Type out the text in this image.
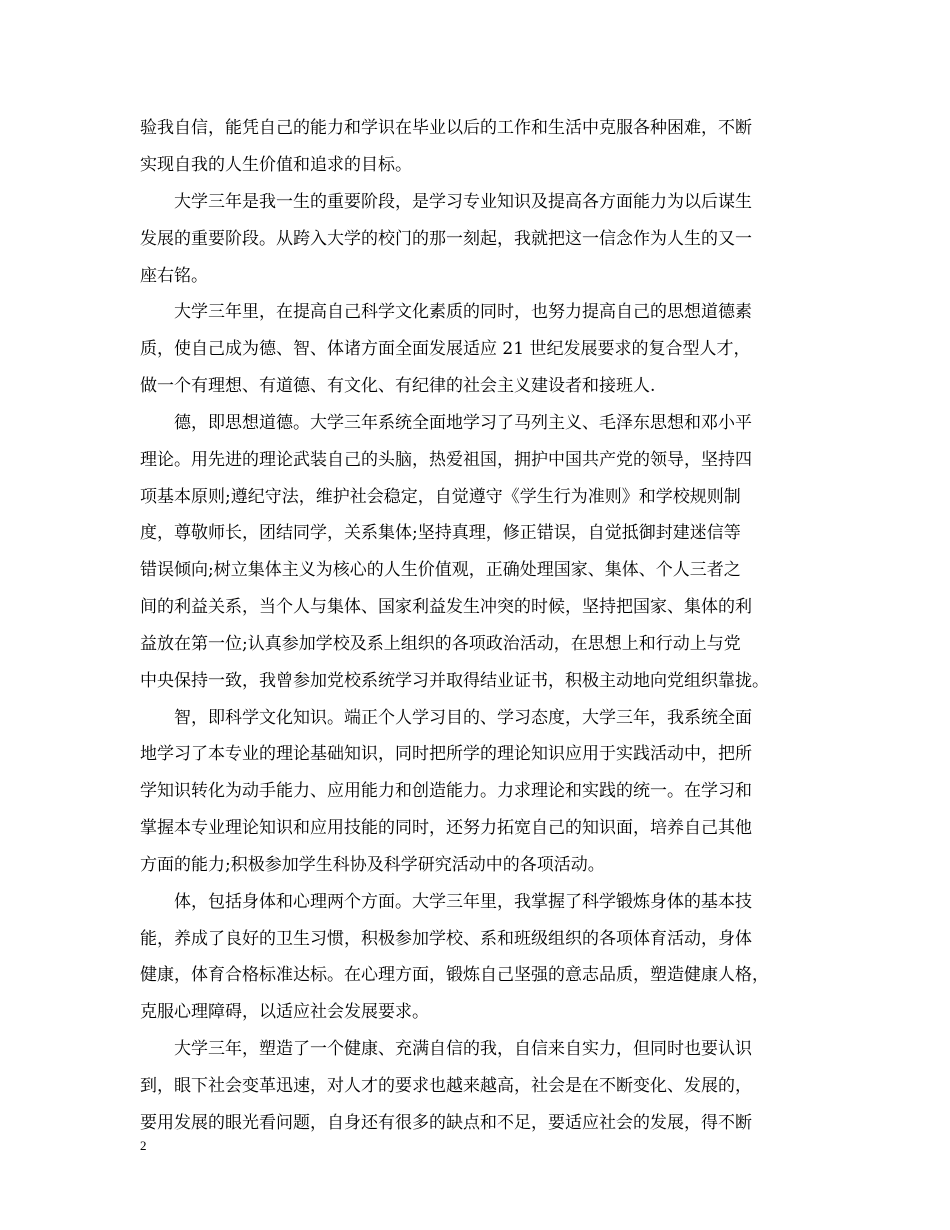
验我自信，能凭自己的能力和学识在毕业以后的工作和生活中克服各种困难，不断
实现自我的人生价值和追求的目标。
　　大学三年是我一生的重要阶段，是学习专业知识及提高各方面能力为以后谋生
发展的重要阶段。从跨入大学的校门的那一刻起，我就把这一信念作为人生的又一
座右铭。
　　大学三年里，在提高自己科学文化素质的同时，也努力提高自己的思想道德素
质，使自己成为德、智、体诸方面全面发展适应 21 世纪发展要求的复合型人才，
做一个有理想、有道德、有文化、有纪律的社会主义建设者和接班人.
　　德，即思想道德。大学三年系统全面地学习了马列主义、毛泽东思想和邓小平
理论。用先进的理论武装自己的头脑，热爱祖国，拥护中国共产党的领导，坚持四
项基本原则;遵纪守法，维护社会稳定，自觉遵守《学生行为准则》和学校规则制
度，尊敬师长，团结同学，关系集体;坚持真理，修正错误，自觉抵御封建迷信等
错误倾向;树立集体主义为核心的人生价值观，正确处理国家、集体、个人三者之
间的利益关系，当个人与集体、国家利益发生冲突的时候，坚持把国家、集体的利
益放在第一位;认真参加学校及系上组织的各项政治活动，在思想上和行动上与党
中央保持一致，我曾参加党校系统学习并取得结业证书，积极主动地向党组织靠拢。
　　智，即科学文化知识。端正个人学习目的、学习态度，大学三年，我系统全面
地学习了本专业的理论基础知识，同时把所学的理论知识应用于实践活动中，把所
学知识转化为动手能力、应用能力和创造能力。力求理论和实践的统一。在学习和
掌握本专业理论知识和应用技能的同时，还努力拓宽自己的知识面，培养自己其他
方面的能力;积极参加学生科协及科学研究活动中的各项活动。
　　体，包括身体和心理两个方面。大学三年里，我掌握了科学锻炼身体的基本技
能，养成了良好的卫生习惯，积极参加学校、系和班级组织的各项体育活动，身体
健康，体育合格标准达标。在心理方面，锻炼自己坚强的意志品质，塑造健康人格，
克服心理障碍，以适应社会发展要求。
　　大学三年，塑造了一个健康、充满自信的我，自信来自实力，但同时也要认识
到，眼下社会变革迅速，对人才的要求也越来越高，社会是在不断变化、发展的，
要用发展的眼光看问题，自身还有很多的缺点和不足，要适应社会的发展，得不断
2
